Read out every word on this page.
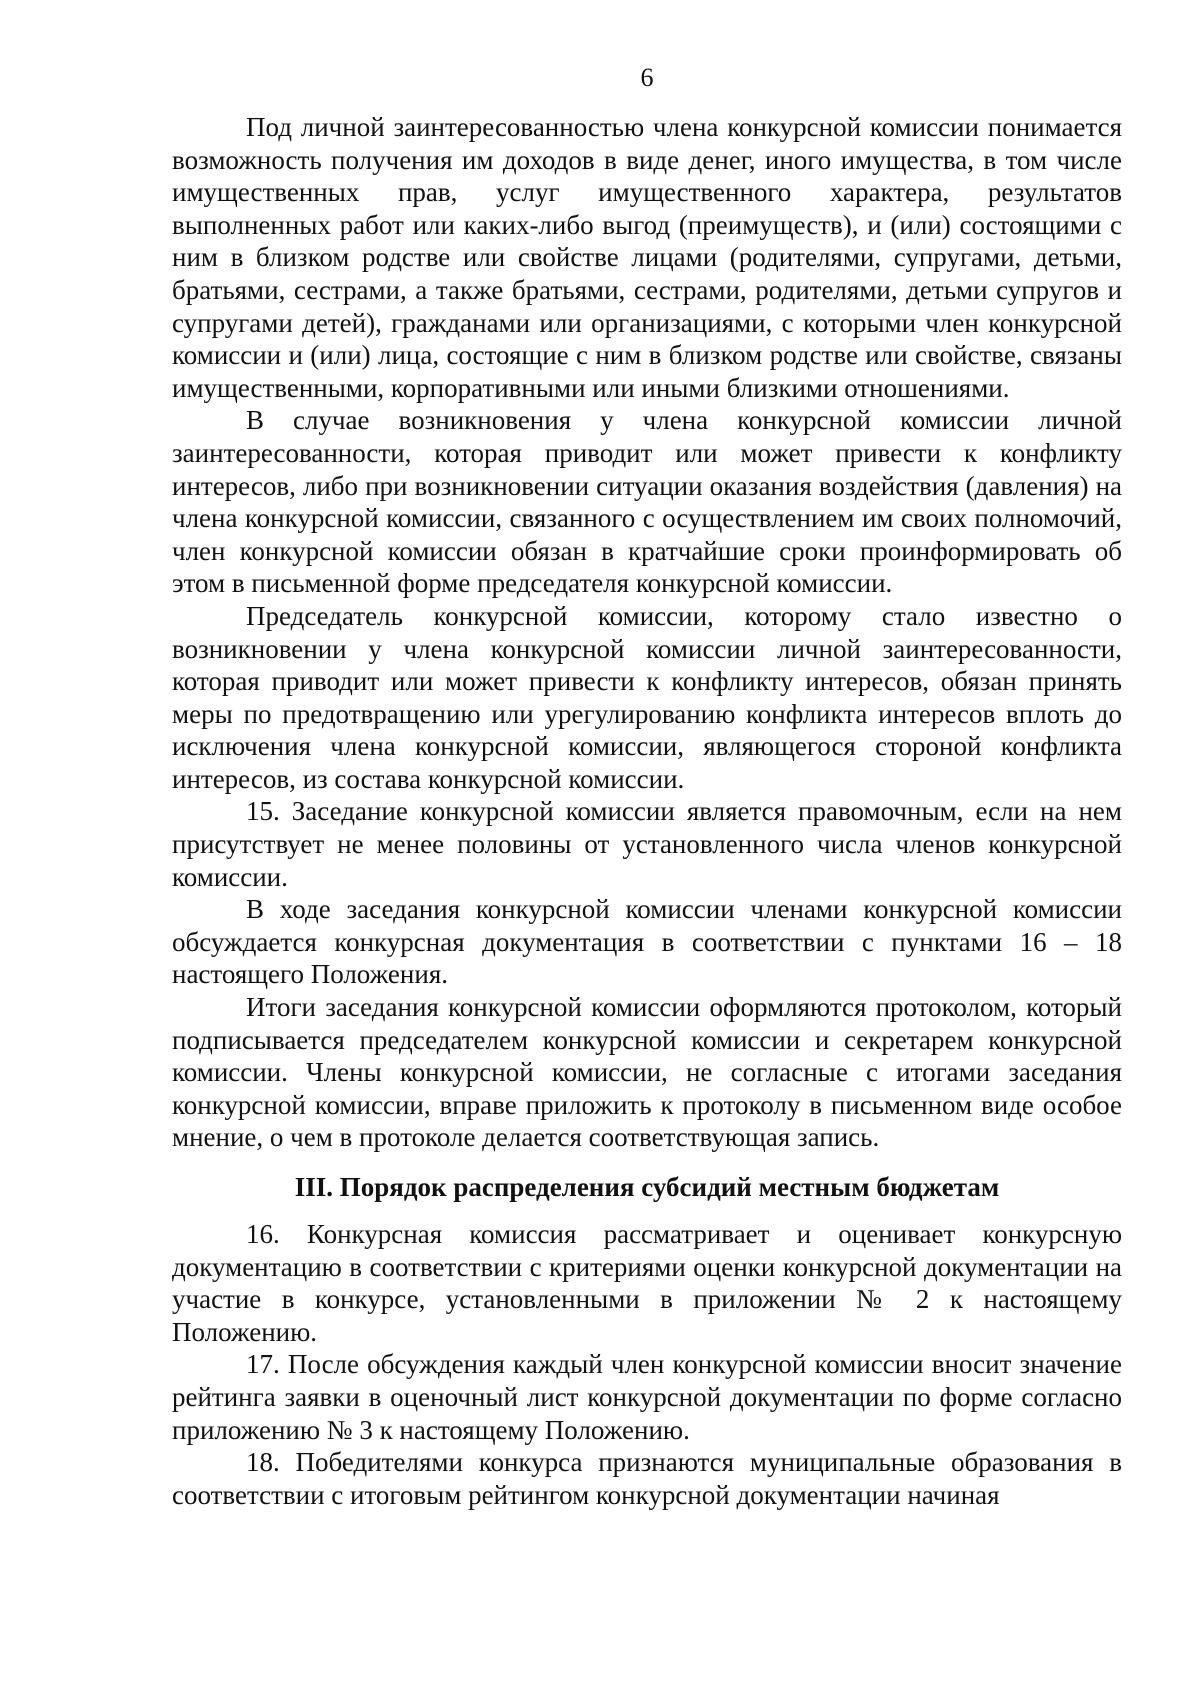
6

Под личной заинтересованностью члена конкурсной комиссии понимается возможность получения им доходов в виде денег, иного имущества, в том числе имущественных прав, услуг имущественного характера, результатов выполненных работ или каких-либо выгод (преимуществ), и (или) состоящими с ним в близком родстве или свойстве лицами (родителями, супругами, детьми, братьями, сестрами, а также братьями, сестрами, родителями, детьми супругов и супругами детей), гражданами или организациями, с которыми член конкурсной комиссии и (или) лица, состоящие с ним в близком родстве или свойстве, связаны имущественными, корпоративными или иными близкими отношениями.

В случае возникновения у члена конкурсной комиссии личной заинтересованности, которая приводит или может привести к конфликту интересов, либо при возникновении ситуации оказания воздействия (давления) на члена конкурсной комиссии, связанного с осуществлением им своих полномочий, член конкурсной комиссии обязан в кратчайшие сроки проинформировать об этом в письменной форме председателя конкурсной комиссии.

Председатель конкурсной комиссии, которому стало известно о возникновении у члена конкурсной комиссии личной заинтересованности, которая приводит или может привести к конфликту интересов, обязан принять меры по предотвращению или урегулированию конфликта интересов вплоть до исключения члена конкурсной комиссии, являющегося стороной конфликта интересов, из состава конкурсной комиссии.

15. Заседание конкурсной комиссии является правомочным, если на нем присутствует не менее половины от установленного числа членов конкурсной комиссии.

В ходе заседания конкурсной комиссии членами конкурсной комиссии обсуждается конкурсная документация в соответствии с пунктами 16 – 18 настоящего Положения.

Итоги заседания конкурсной комиссии оформляются протоколом, который подписывается председателем конкурсной комиссии и секретарем конкурсной комиссии. Члены конкурсной комиссии, не согласные с итогами заседания конкурсной комиссии, вправе приложить к протоколу в письменном виде особое мнение, о чем в протоколе делается соответствующая запись.

III. Порядок распределения субсидий местным бюджетам

16. Конкурсная комиссия рассматривает и оценивает конкурсную документацию в соответствии с критериями оценки конкурсной документации на участие в конкурсе, установленными в приложении № 2 к настоящему Положению.

17. После обсуждения каждый член конкурсной комиссии вносит значение рейтинга заявки в оценочный лист конкурсной документации по форме согласно приложению № 3 к настоящему Положению.

18. Победителями конкурса признаются муниципальные образования в соответствии с итоговым рейтингом конкурсной документации начиная
